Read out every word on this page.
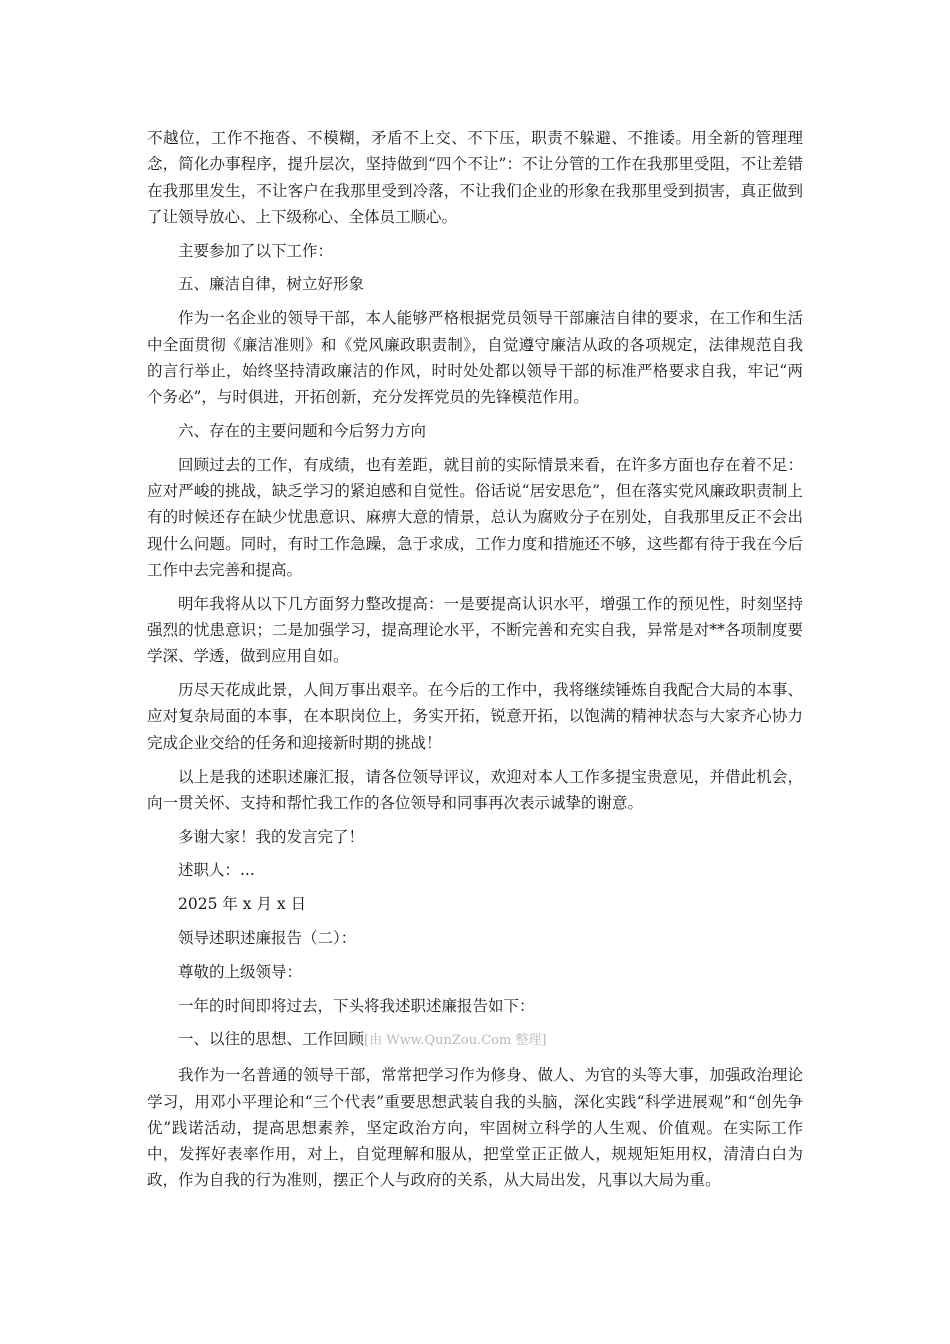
不越位，工作不拖沓、不模糊，矛盾不上交、不下压，职责不躲避、不推诿。用全新的管理理念，简化办事程序，提升层次，坚持做到“四个不让”：不让分管的工作在我那里受阻，不让差错在我那里发生，不让客户在我那里受到冷落，不让我们企业的形象在我那里受到损害，真正做到了让领导放心、上下级称心、全体员工顺心。

主要参加了以下工作：

五、廉洁自律，树立好形象

作为一名企业的领导干部，本人能够严格根据党员领导干部廉洁自律的要求，在工作和生活中全面贯彻《廉洁准则》和《党风廉政职责制》，自觉遵守廉洁从政的各项规定，法律规范自我的言行举止，始终坚持清政廉洁的作风，时时处处都以领导干部的标准严格要求自我，牢记“两个务必”，与时俱进，开拓创新，充分发挥党员的先锋模范作用。

六、存在的主要问题和今后努力方向

回顾过去的工作，有成绩，也有差距，就目前的实际情景来看，在许多方面也存在着不足：应对严峻的挑战，缺乏学习的紧迫感和自觉性。俗话说“居安思危”，但在落实党风廉政职责制上有的时候还存在缺少忧患意识、麻痹大意的情景，总认为腐败分子在别处，自我那里反正不会出现什么问题。同时，有时工作急躁，急于求成，工作力度和措施还不够，这些都有待于我在今后工作中去完善和提高。

明年我将从以下几方面努力整改提高：一是要提高认识水平，增强工作的预见性，时刻坚持强烈的忧患意识；二是加强学习，提高理论水平，不断完善和充实自我，异常是对**各项制度要学深、学透，做到应用自如。

历尽天花成此景，人间万事出艰辛。在今后的工作中，我将继续锤炼自我配合大局的本事、应对复杂局面的本事，在本职岗位上，务实开拓，锐意开拓，以饱满的精神状态与大家齐心协力完成企业交给的任务和迎接新时期的挑战！

以上是我的述职述廉汇报，请各位领导评议，欢迎对本人工作多提宝贵意见，并借此机会，向一贯关怀、支持和帮忙我工作的各位领导和同事再次表示诚挚的谢意。

多谢大家！我的发言完了！

述职人：...

2025 年 x 月 x 日

领导述职述廉报告（二）：

尊敬的上级领导：

一年的时间即将过去，下头将我述职述廉报告如下：

一、以往的思想、工作回顾[由 Www.QunZou.Com 整理]

我作为一名普通的领导干部，常常把学习作为修身、做人、为官的头等大事，加强政治理论学习，用邓小平理论和“三个代表”重要思想武装自我的头脑，深化实践“科学进展观”和“创先争优”践诺活动，提高思想素养，坚定政治方向，牢固树立科学的人生观、价值观。在实际工作中，发挥好表率作用，对上，自觉理解和服从，把堂堂正正做人，规规矩矩用权，清清白白为政，作为自我的行为准则，摆正个人与政府的关系，从大局出发，凡事以大局为重。
